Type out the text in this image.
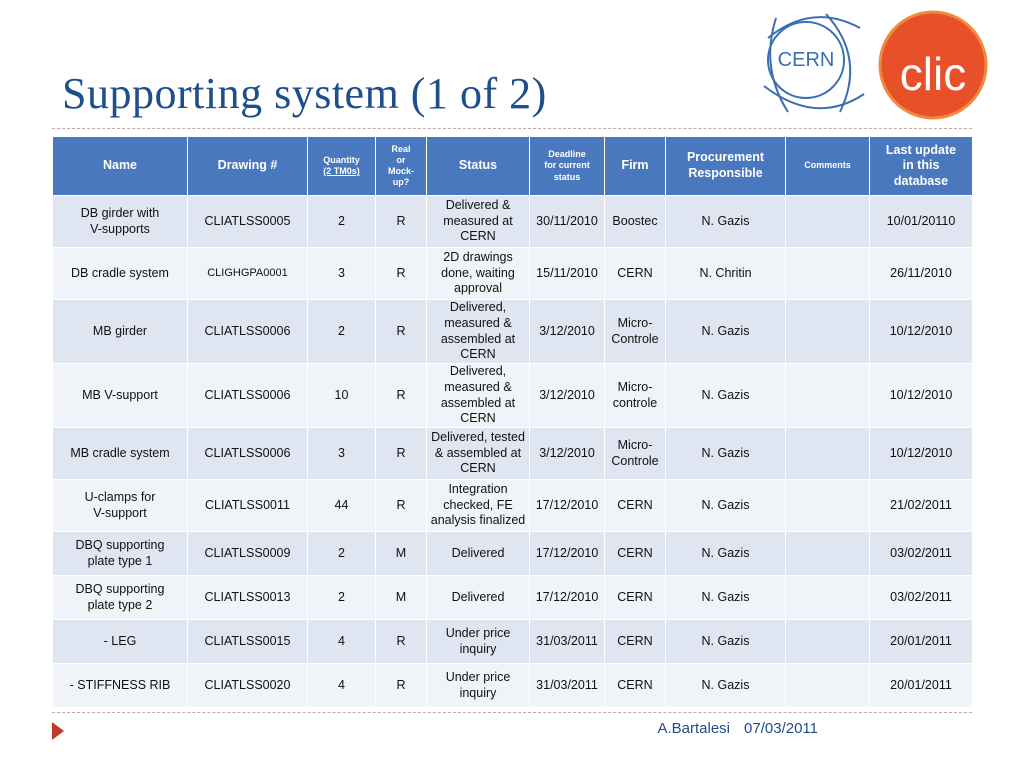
Supporting system (1 of 2)
CERN clic
Name	Drawing #	Quantity
(2 TM0s)	Real
or
Mock-
up?	Status	Deadline
for current
status	Firm	Procurement
Responsible	Comments	Last update
in this
database
DB girder with
V-supports	CLIATLSS0005	2	R	Delivered &
measured at
CERN	30/11/2010	Boostec	N. Gazis		10/01/20110
DB cradle system	CLIGHGPA0001	3	R	2D drawings
done, waiting
approval	15/11/2010	CERN	N. Chritin		26/11/2010
MB girder	CLIATLSS0006	2	R	Delivered,
measured &
assembled at
CERN	3/12/2010	Micro-
Controle	N. Gazis		10/12/2010
MB V-support	CLIATLSS0006	10	R	Delivered,
measured &
assembled at
CERN	3/12/2010	Micro-
controle	N. Gazis		10/12/2010
MB cradle system	CLIATLSS0006	3	R	Delivered, tested
& assembled at
CERN	3/12/2010	Micro-
Controle	N. Gazis		10/12/2010
U-clamps for
V-support	CLIATLSS0011	44	R	Integration
checked, FE
analysis finalized	17/12/2010	CERN	N. Gazis		21/02/2011
DBQ supporting
plate type 1	CLIATLSS0009	2	M	Delivered	17/12/2010	CERN	N. Gazis		03/02/2011
DBQ supporting
plate type 2	CLIATLSS0013	2	M	Delivered	17/12/2010	CERN	N. Gazis		03/02/2011
- LEG	CLIATLSS0015	4	R	Under price
inquiry	31/03/2011	CERN	N. Gazis		20/01/2011
- STIFFNESS RIB	CLIATLSS0020	4	R	Under price
inquiry	31/03/2011	CERN	N. Gazis		20/01/2011
A.Bartalesi 07/03/2011
